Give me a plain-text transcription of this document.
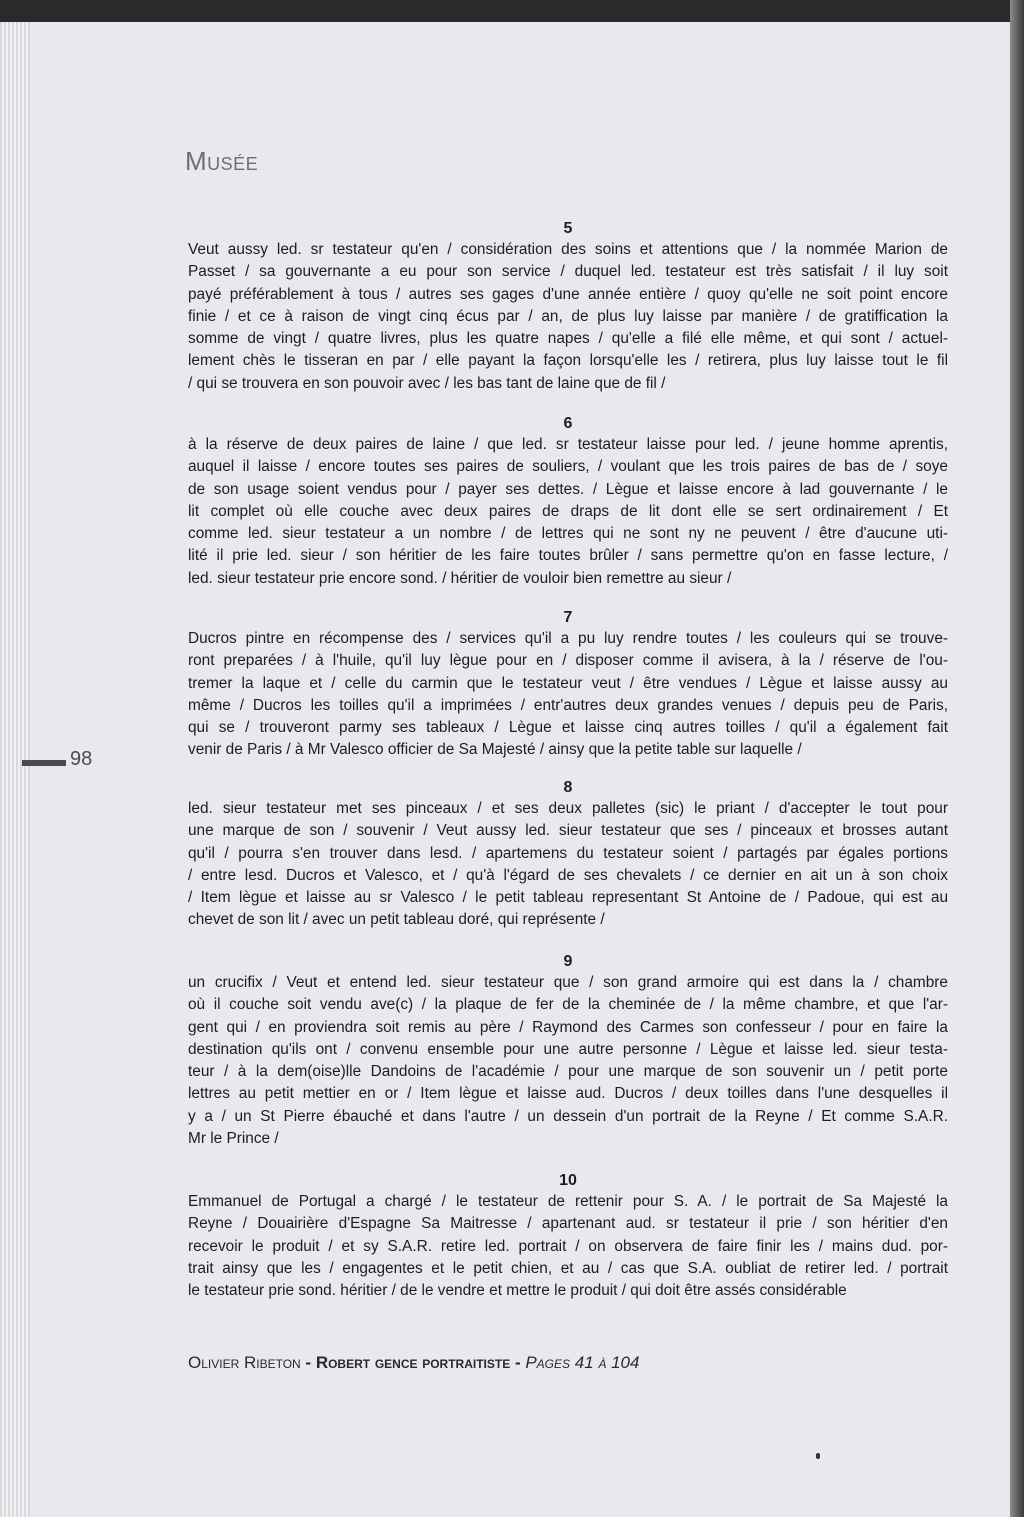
Musée
98
5
Veut aussy led. sr testateur qu'en / considération des soins et attentions que / la nommée Marion de
Passet / sa gouvernante a eu pour son service / duquel led. testateur est très satisfait / il luy soit
payé préférablement à tous / autres ses gages d'une année entière / quoy qu'elle ne soit point encore
finie / et ce à raison de vingt cinq écus par / an, de plus luy laisse par manière / de gratiffication la
somme de vingt / quatre livres, plus les quatre napes / qu'elle a filé elle même, et qui sont / actuel-
lement chès le tisseran en par / elle payant la façon lorsqu'elle les / retirera, plus luy laisse tout le fil
/ qui se trouvera en son pouvoir avec / les bas tant de laine que de fil /
6
à la réserve de deux paires de laine / que led. sr testateur laisse pour led. / jeune homme aprentis,
auquel il laisse / encore toutes ses paires de souliers, / voulant que les trois paires de bas de / soye
de son usage soient vendus pour / payer ses dettes. / Lègue et laisse encore à lad gouvernante / le
lit complet où elle couche avec deux paires de draps de lit dont elle se sert ordinairement / Et
comme led. sieur testateur a un nombre / de lettres qui ne sont ny ne peuvent / être d'aucune uti-
lité il prie led. sieur / son héritier de les faire toutes brûler / sans permettre qu'on en fasse lecture, /
led. sieur testateur prie encore sond. / héritier de vouloir bien remettre au sieur /
7
Ducros pintre en récompense des / services qu'il a pu luy rendre toutes / les couleurs qui se trouve-
ront preparées / à l'huile, qu'il luy lègue pour en / disposer comme il avisera, à la / réserve de l'ou-
tremer la laque et / celle du carmin que le testateur veut / être vendues / Lègue et laisse aussy au
même / Ducros les toilles qu'il a imprimées / entr'autres deux grandes venues / depuis peu de Paris,
qui se / trouveront parmy ses tableaux / Lègue et laisse cinq autres toilles / qu'il a également fait
venir de Paris / à Mr Valesco officier de Sa Majesté / ainsy que la petite table sur laquelle /
8
led. sieur testateur met ses pinceaux / et ses deux palletes (sic) le priant / d'accepter le tout pour
une marque de son / souvenir / Veut aussy led. sieur testateur que ses / pinceaux et brosses autant
qu'il / pourra s'en trouver dans lesd. / apartemens du testateur soient / partagés par égales portions
/ entre lesd. Ducros et Valesco, et / qu'à l'égard de ses chevalets / ce dernier en ait un à son choix
/ Item lègue et laisse au sr Valesco / le petit tableau representant St Antoine de / Padoue, qui est au
chevet de son lit / avec un petit tableau doré, qui représente /
9
un crucifix / Veut et entend led. sieur testateur que / son grand armoire qui est dans la / chambre
où il couche soit vendu ave(c) / la plaque de fer de la cheminée de / la même chambre, et que l'ar-
gent qui / en proviendra soit remis au père / Raymond des Carmes son confesseur / pour en faire la
destination qu'ils ont / convenu ensemble pour une autre personne / Lègue et laisse led. sieur testa-
teur / à la dem(oise)lle Dandoins de l'académie / pour une marque de son souvenir un / petit porte
lettres au petit mettier en or / Item lègue et laisse aud. Ducros / deux toilles dans l'une desquelles il
y a / un St Pierre ébauché et dans l'autre / un dessein d'un portrait de la Reyne / Et comme S.A.R.
Mr le Prince /
10
Emmanuel de Portugal a chargé / le testateur de rettenir pour S. A. / le portrait de Sa Majesté la
Reyne / Douairière d'Espagne Sa Maitresse / apartenant aud. sr testateur il prie / son héritier d'en
recevoir le produit / et sy S.A.R. retire led. portrait / on observera de faire finir les / mains dud. por-
trait ainsy que les / engagentes et le petit chien, et au / cas que S.A. oubliat de retirer led. / portrait
le testateur prie sond. héritier / de le vendre et mettre le produit / qui doit être assés considérable
Olivier Ribeton - Robert gence portraitiste - Pages 41 à 104
